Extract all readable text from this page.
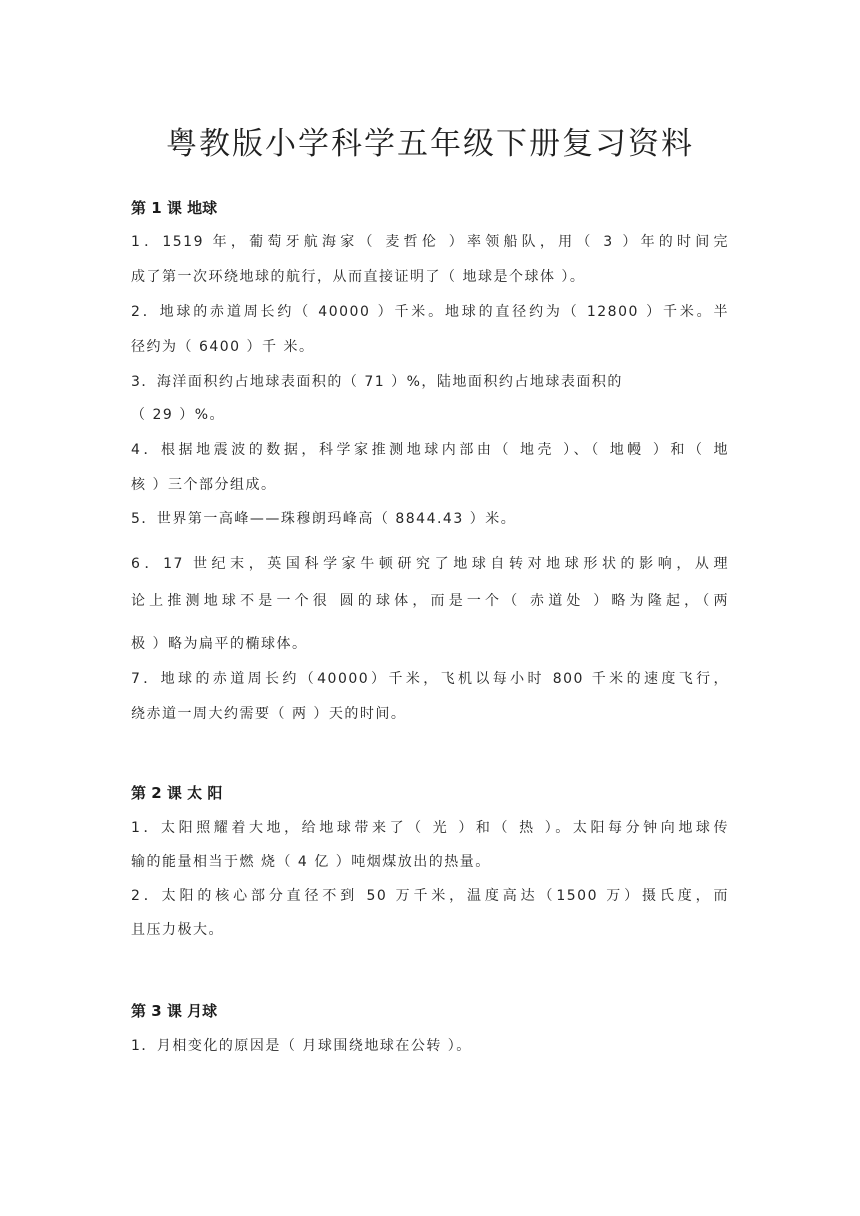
粤教版小学科学五年级下册复习资料
第 1 课 地球
1．1519 年，葡萄牙航海家（ 麦哲伦 ）率领船队，用（ 3 ）年的时间完
成了第一次环绕地球的航行，从而直接证明了（ 地球是个球体 ）。
2．地球的赤道周长约（ 40000 ）千米。地球的直径约为（ 12800 ）千米。半
径约为（ 6400 ）千 米。
3．海洋面积约占地球表面积的（ 71 ）%，陆地面积约占地球表面积的
（ 29 ）%。
4．根据地震波的数据，科学家推测地球内部由（ 地壳 ）、（ 地幔 ）和（ 地
核 ）三个部分组成。
5．世界第一高峰——珠穆朗玛峰高（ 8844.43 ）米。
6．17 世纪末，英国科学家牛顿研究了地球自转对地球形状的影响，从理
论上推测地球不是一个很 圆的球体，而是一个（ 赤道处 ）略为隆起，（两
极 ）略为扁平的椭球体。
7．地球的赤道周长约（40000）千米，飞机以每小时 800 千米的速度飞行，
绕赤道一周大约需要（ 两 ）天的时间。
第 2 课 太 阳
1．太阳照耀着大地，给地球带来了（ 光 ）和（ 热 ）。太阳每分钟向地球传
输的能量相当于燃 烧（ 4 亿 ）吨烟煤放出的热量。
2．太阳的核心部分直径不到 50 万千米，温度高达（1500 万）摄氏度，而
且压力极大。
第 3 课 月球
1．月相变化的原因是（ 月球围绕地球在公转 ）。
